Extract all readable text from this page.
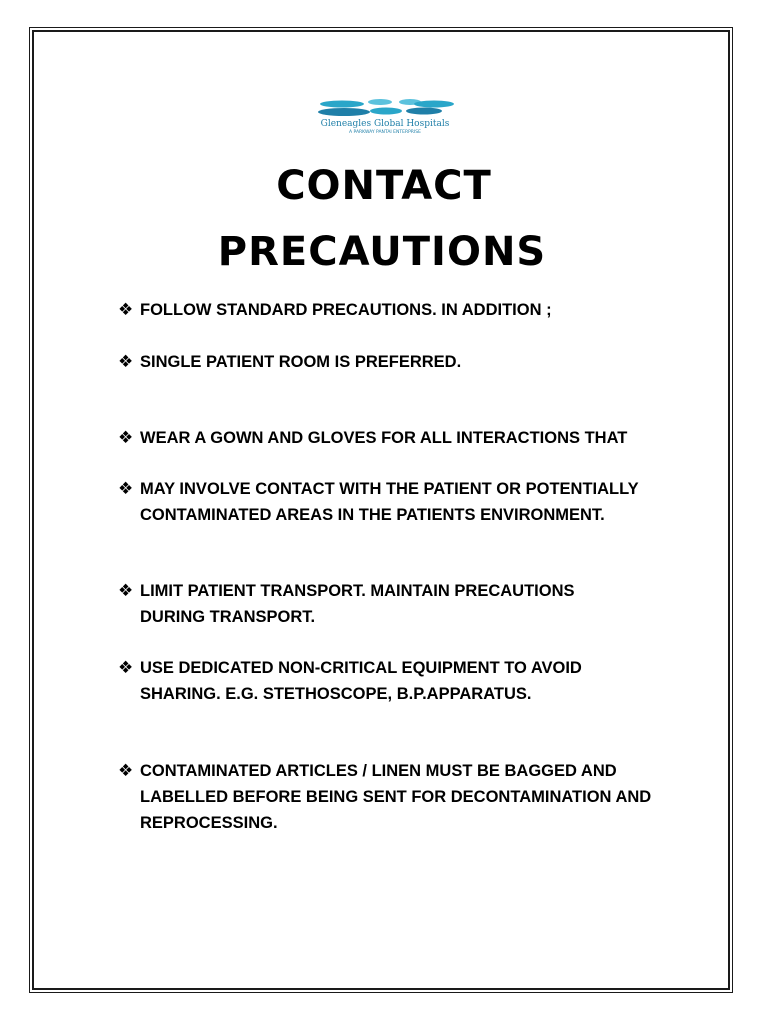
Gleneagles Global Hospitals
A PARKWAY PANTAI ENTERPRISE
CONTACT
PRECAUTIONS
❖ FOLLOW STANDARD PRECAUTIONS. IN ADDITION ;
❖ SINGLE PATIENT ROOM IS PREFERRED.
❖ WEAR A GOWN AND GLOVES FOR ALL INTERACTIONS THAT
❖ MAY INVOLVE CONTACT WITH THE PATIENT OR POTENTIALLY
CONTAMINATED AREAS IN THE PATIENTS ENVIRONMENT.
❖ LIMIT PATIENT TRANSPORT. MAINTAIN PRECAUTIONS
DURING TRANSPORT.
❖ USE DEDICATED NON-CRITICAL EQUIPMENT TO AVOID
SHARING. E.G. STETHOSCOPE, B.P.APPARATUS.
❖ CONTAMINATED ARTICLES / LINEN MUST BE BAGGED AND
LABELLED BEFORE BEING SENT FOR DECONTAMINATION AND
REPROCESSING.
